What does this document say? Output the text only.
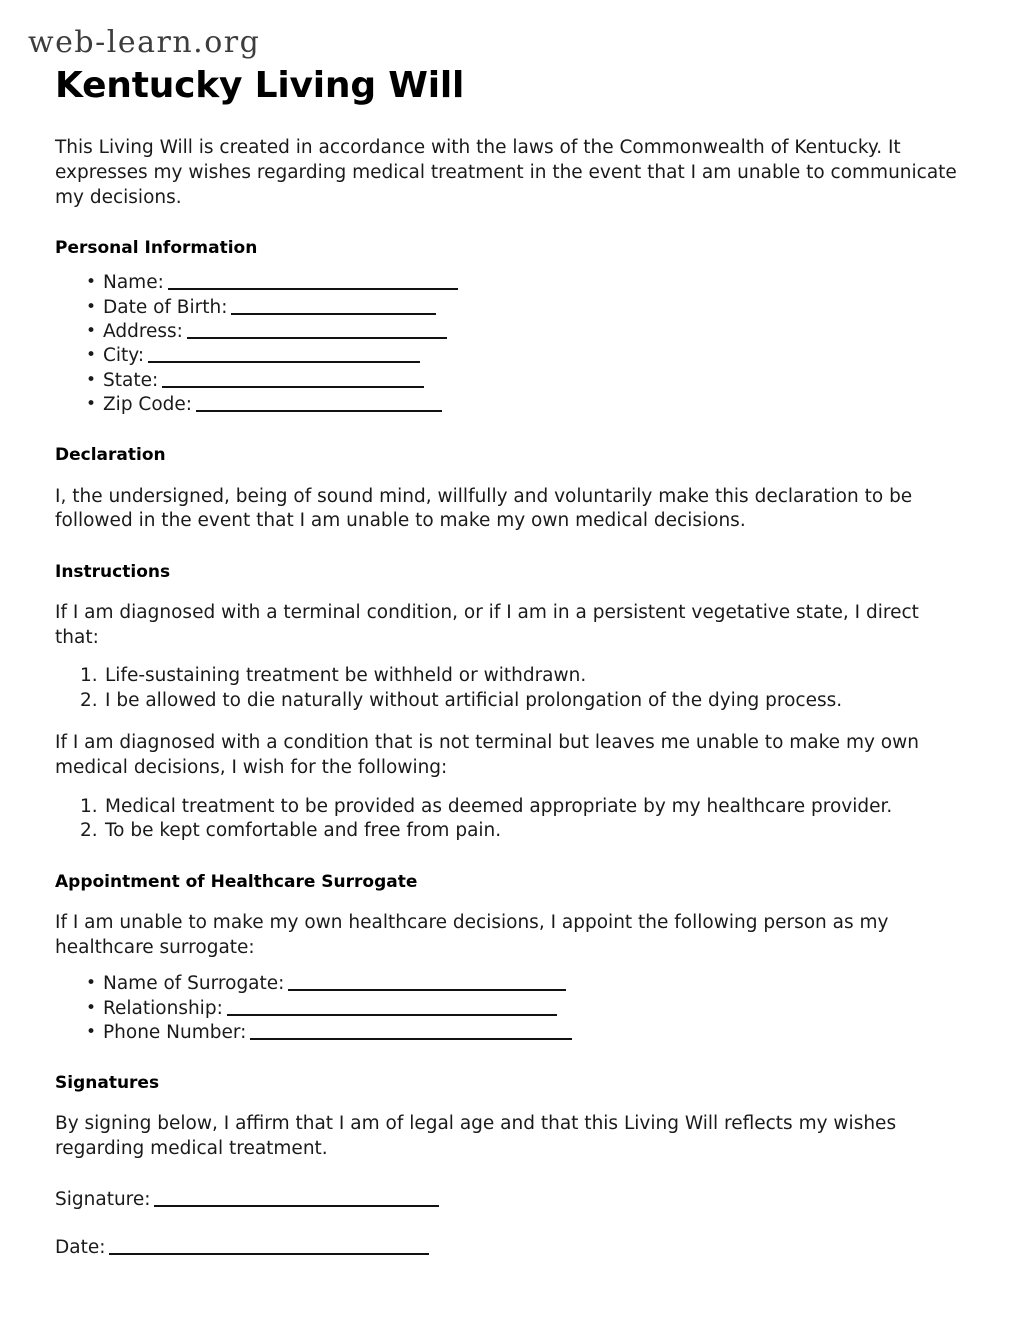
web-learn.org
Kentucky Living Will

This Living Will is created in accordance with the laws of the Commonwealth of Kentucky. It expresses my wishes regarding medical treatment in the event that I am unable to communicate my decisions.

Personal Information
• Name:
• Date of Birth:
• Address:
• City:
• State:
• Zip Code:
Declaration

I, the undersigned, being of sound mind, willfully and voluntarily make this declaration to be followed in the event that I am unable to make my own medical decisions.

Instructions

If I am diagnosed with a terminal condition, or if I am in a persistent vegetative state, I direct that:

Life-sustaining treatment be withheld or withdrawn.
I be allowed to die naturally without artificial prolongation of the dying process.

If I am diagnosed with a condition that is not terminal but leaves me unable to make my own medical decisions, I wish for the following:

Medical treatment to be provided as deemed appropriate by my healthcare provider.
To be kept comfortable and free from pain.
Appointment of Healthcare Surrogate

If I am unable to make my own healthcare decisions, I appoint the following person as my healthcare surrogate:

• Name of Surrogate:
• Relationship:
• Phone Number:
Signatures

By signing below, I affirm that I am of legal age and that this Living Will reflects my wishes regarding medical treatment.

Signature:
Date:
